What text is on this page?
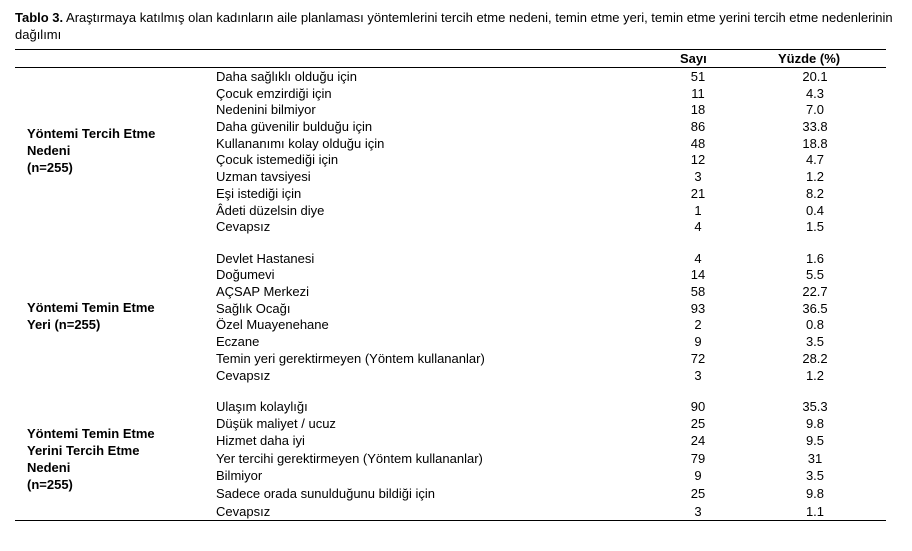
Tablo 3. Araştırmaya katılmış olan kadınların aile planlaması yöntemlerini tercih etme nedeni, temin etme yeri, temin etme yerini tercih etme nedenlerinin dağılımı
Sayı	Yüzde (%)
Yöntemi Tercih Etme
Nedeni
(n=255)
Daha sağlıklı olduğu için	51	20.1
Çocuk emzirdiği için	11	4.3
Nedenini bilmiyor	18	7.0
Daha güvenilir bulduğu için	86	33.8
Kullananımı kolay olduğu için	48	18.8
Çocuk istemediği için	12	4.7
Uzman tavsiyesi	3	1.2
Eşi istediği için	21	8.2
Âdeti düzelsin diye	1	0.4
Cevapsız	4	1.5
Yöntemi Temin Etme
Yeri (n=255)
Devlet Hastanesi	4	1.6
Doğumevi	14	5.5
AÇSAP Merkezi	58	22.7
Sağlık Ocağı	93	36.5
Özel Muayenehane	2	0.8
Eczane	9	3.5
Temin yeri gerektirmeyen (Yöntem kullananlar)	72	28.2
Cevapsız	3	1.2
Yöntemi Temin Etme
Yerini Tercih Etme
Nedeni
(n=255)
Ulaşım kolaylığı	90	35.3
Düşük maliyet / ucuz	25	9.8
Hizmet daha iyi	24	9.5
Yer tercihi gerektirmeyen (Yöntem kullananlar)	79	31
Bilmiyor	9	3.5
Sadece orada sunulduğunu bildiği için	25	9.8
Cevapsız	3	1.1
